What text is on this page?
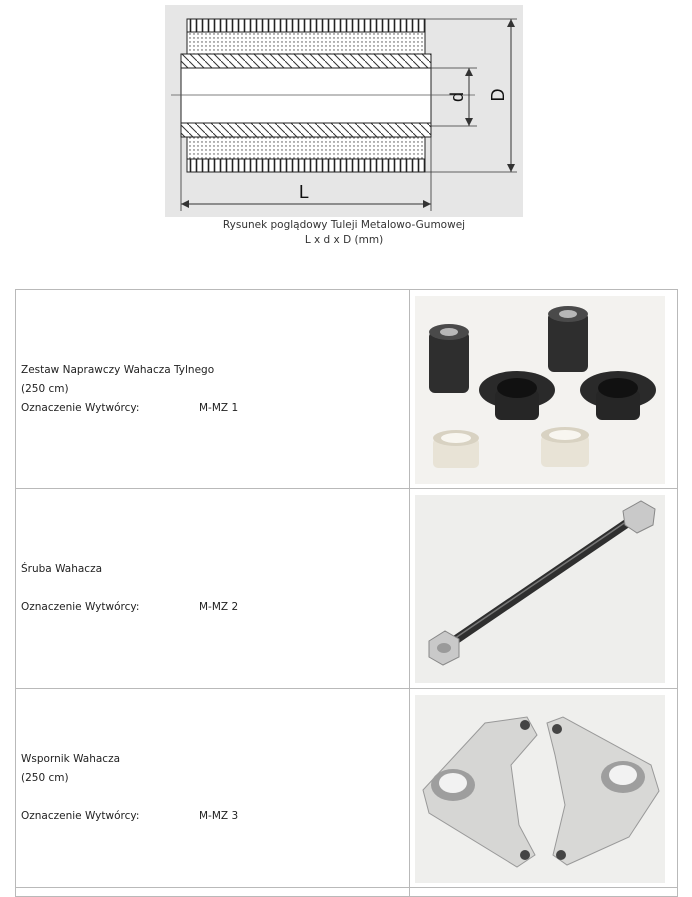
L
d D
Rysunek poglądowy Tuleji Metalowo-Gumowej
L x d x D (mm)
Zestaw Naprawczy Wahacza Tylnego
(250 cm)
Oznaczenie Wytwórcy: M-MZ 1

Śruba Wahacza
Oznaczenie Wytwórcy: M-MZ 2

Wspornik Wahacza
(250 cm)
Oznaczenie Wytwórcy: M-MZ 3
